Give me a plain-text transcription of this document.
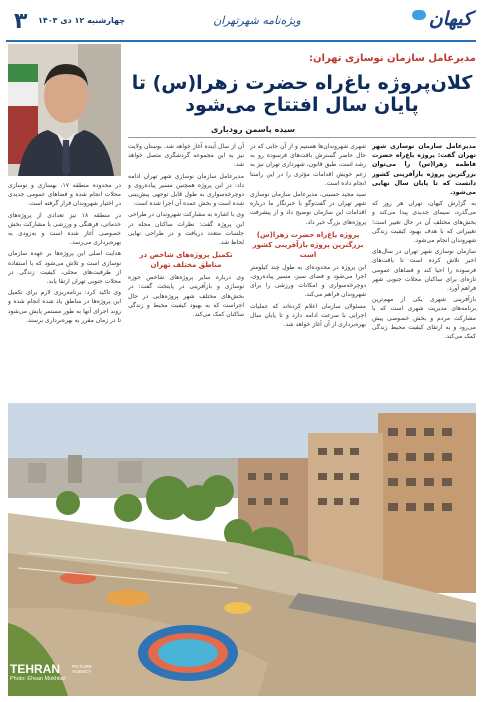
کیهان
ویژه‌نامه شهرتهران
چهارشنبه ۱۲ دی ۱۴۰۳
۳
مدیرعامل سازمان نوسازی تهران:
کلان‌پروژه باغ‌راه حضرت زهرا(س) تا پایان سال افتتاح می‌شود
سیده یاسمن رودباری

مدیرعامل سازمان نوسازی شهر تهران گفت: پروژه باغ‌راه حضرت فاطمه زهرا(س) را می‌توان بزرگترین پروژه بازآفرینی کشور دانست که تا پایان سال نهایی می‌شود.

به گزارش کیهان، تهران هر روز که می‌گذرد، سیمای جدیدی پیدا می‌کند و بخش‌های مختلف آن در حال تغییر است؛ تغییراتی که با هدف بهبود کیفیت زندگی شهروندان انجام می‌شود.

سازمان نوسازی شهر تهران در سال‌های اخیر تلاش کرده است تا بافت‌های فرسوده را احیا کند و فضاهای عمومی تازه‌ای برای ساکنان محلات جنوبی شهر فراهم آورد.

بازآفرینی شهری یکی از مهم‌ترین برنامه‌های مدیریت شهری است که با مشارکت مردم و بخش خصوصی پیش می‌رود و به ارتقای کیفیت محیط زندگی کمک می‌کند.

شهری شهروندان‌ها هستیم و از آن جایی که در حال حاضر گسترش بافت‌های فرسوده رو به رشد است، طبق قانون، شهرداری تهران نیز به زعم خویش اقدامات مؤثری را در این راستا انجام داده است.

سید مجید حسینی، مدیرعامل سازمان نوسازی شهر تهران در گفت‌وگو با خبرنگار ما درباره اقدامات این سازمان توضیح داد و از پیشرفت پروژه‌های بزرگ خبر داد.

پروژه باغ‌راه حضرت زهرا(س) بزرگترین پروژه بازآفرینی کشور است

این پروژه در محدوده‌ای به طول چند کیلومتر اجرا می‌شود و فضای سبز، مسیر پیاده‌روی، دوچرخه‌سواری و امکانات ورزشی را برای شهروندان فراهم می‌کند.

مسئولان سازمان اعلام کرده‌اند که عملیات اجرایی با سرعت ادامه دارد و تا پایان سال بهره‌برداری از آن آغاز خواهد شد.

آن از سال آینده آغاز خواهد شد. بوستان ولایت نیز به این مجموعه گردشگری متصل خواهد شد.

مدیرعامل سازمان نوسازی شهر تهران ادامه داد: در این پروژه همچنین مسیر پیاده‌روی و دوچرخه‌سواری به طول قابل توجهی پیش‌بینی شده است و بخش عمده آن اجرا شده است.

وی با اشاره به مشارکت شهروندان در طراحی این پروژه گفت: نظرات ساکنان محله در جلسات متعدد دریافت و در طراحی نهایی لحاظ شد.

تکمیل پروژه‌های شاخص در مناطق مختلف تهران

وی درباره سایر پروژه‌های شاخص حوزه نوسازی و بازآفرینی در پایتخت گفت: در بخش‌های مختلف شهر پروژه‌هایی در حال اجراست که به بهبود کیفیت محیط و زندگی ساکنان کمک می‌کند.

در محدوده منطقه ۱۷، بهسازی و نوسازی محلات انجام شده و فضاهای عمومی جدیدی در اختیار شهروندان قرار گرفته است.

در منطقه ۱۸ نیز تعدادی از پروژه‌های خدماتی، فرهنگی و ورزشی با مشارکت بخش خصوصی آغاز شده است و به‌زودی به بهره‌برداری می‌رسد.

هدایت اصلی این پروژه‌ها بر عهده سازمان نوسازی است و تلاش می‌شود که با استفاده از ظرفیت‌های محلی، کیفیت زندگی در محلات جنوبی تهران ارتقا یابد.

وی تاکید کرد: برنامه‌ریزی لازم برای تکمیل این پروژه‌ها در مناطق یاد شده انجام شده و روند اجرای آنها به طور مستمر پایش می‌شود تا در زمان مقرر به بهره‌برداری برسند.

TEHRAN	PICTURE AGENCY
Photo: Ehsan Mokhtari
